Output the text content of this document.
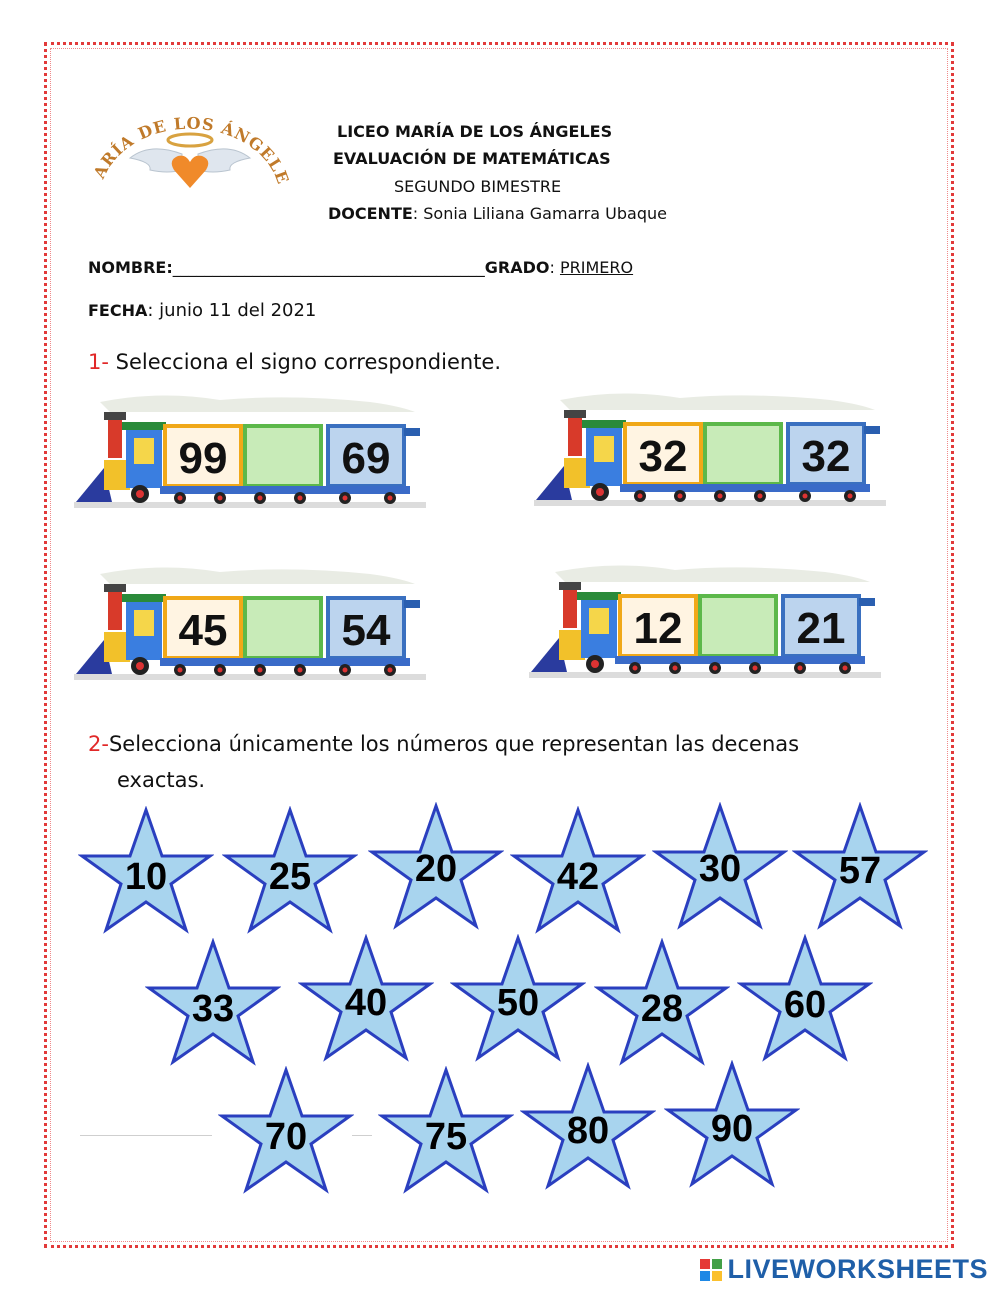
ARÍA DE LOS ÁNGEL
LICEO MARÍA DE LOS ÁNGELES
EVALUACIÓN DE MATEMÁTICAS
SEGUNDO BIMESTRE
DOCENTE: Sonia Liliana Gamarra Ubaque
NOMBRE:_______________________________________GRADO: PRIMERO
FECHA: junio 11 del 2021
1- Selecciona el signo correspondiente.
99	69	32	32
45	54	12	21
2-Selecciona únicamente los números que representan las decenas
exactas.
10	25	20	42	30	57
33	40	50	28	60
70	75	80	90
LIVEWORKSHEETS
